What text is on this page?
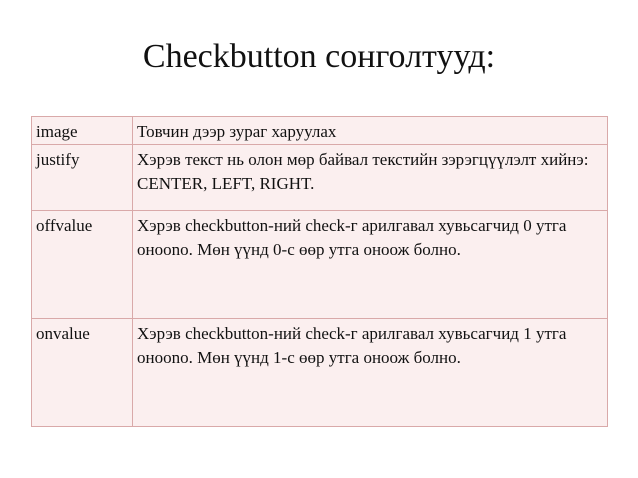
Checkbutton сонголтууд:
image	Товчин дээр зураг харуулах
justify	Хэрэв текст нь олон мөр байвал текстийн зэрэгцүүлэлт хийнэ: CENTER, LEFT, RIGHT.
offvalue	Хэрэв checkbutton-ний check-г арилгавал хувьсагчид 0 утга оноono. Мөн үүнд 0-с өөр утга оноож болно.
onvalue	Хэрэв checkbutton-ний check-г арилгавал хувьсагчид 1 утга оноono. Мөн үүнд 1-с өөр утга оноож болно.
